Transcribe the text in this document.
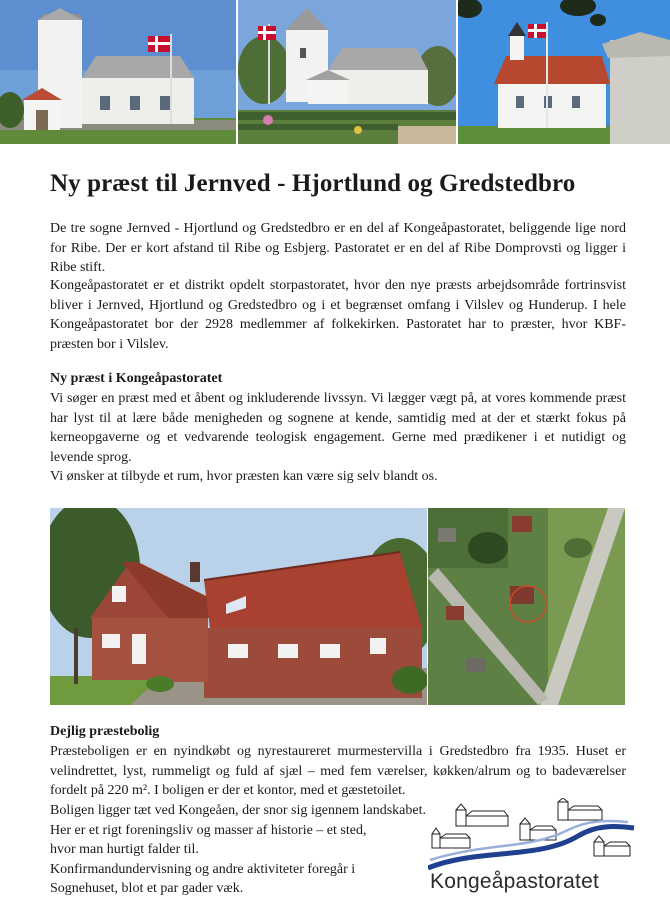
Ny præst til Jernved - Hjortlund og Gredstedbro

De tre sogne Jernved - Hjortlund og Gredstedbro er en del af Kongeåpastoratet, beliggende lige nord for Ribe. Der er kort afstand til Ribe og Esbjerg. Pastoratet er en del af Ribe Domprovsti og ligger i Ribe stift.

Kongeåpastoratet er et distrikt opdelt storpastoratet, hvor den nye præsts arbejdsområde fortrinsvist bliver i Jernved, Hjortlund og Gredstedbro og i et begrænset omfang i Vilslev og Hunderup. I hele Kongeåpastoratet bor der 2928 medlemmer af folkekirken. Pastoratet har to præster, hvor KBF-præsten bor i Vilslev.

Ny præst i Kongeåpastoratet

Vi søger en præst med et åbent og inkluderende livssyn. Vi lægger vægt på, at vores kommende præst har lyst til at lære både menigheden og sognene at kende, samtidig med at der et stærkt fokus på kerneopgaverne og et vedvarende teologisk engagement. Gerne med prædikener i et nutidigt og levende sprog.

Vi ønsker at tilbyde et rum, hvor præsten kan være sig selv blandt os.

Dejlig præstebolig

Præsteboligen er en nyindkøbt og nyrestaureret murmestervilla i Gredstedbro fra 1935. Huset er velindrettet, lyst, rummeligt og fuld af sjæl – med fem værelser, køkken/alrum og to badeværelser fordelt på 220 m². I boligen er der et kontor, med et gæstetoilet.

Boligen ligger tæt ved Kongeåen, der snor sig igennem landskabet.

Her er et rigt foreningsliv og masser af historie – et sted,

hvor man hurtigt falder til.

Konfirmandundervisning og andre aktiviteter foregår i

Sognehuset, blot et par gader væk.	Kongeåpastoratet
